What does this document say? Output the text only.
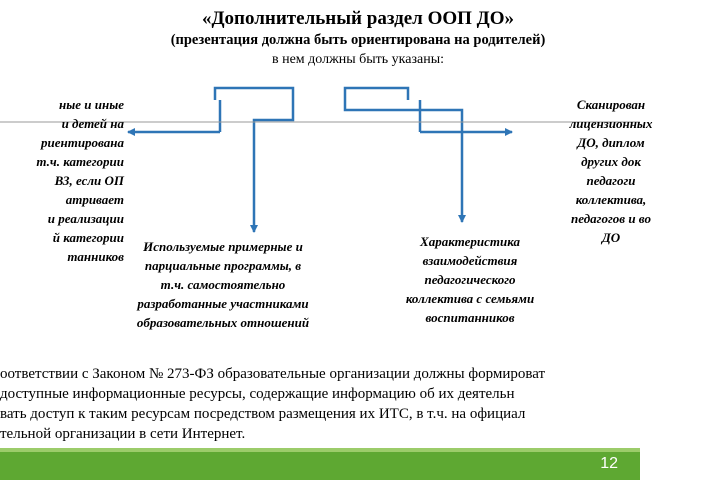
«Дополнительный раздел ООП ДО»
(презентация должна быть ориентирована на родителей)
в нем должны быть указаны:
ные и иные
и детей на
риентирована
т.ч. категории
ВЗ, если ОП
атривает
и реализации
й категории
танников
Сканирован
лицензионных
ДО, диплом
других док
педагоги
коллектива,
педагогов и во
ДО
Используемые примерные и
парциальные программы, в
т.ч. самостоятельно
разработанные участниками
образовательных отношений
Характеристика
взаимодействия
педагогического
коллектива с семьями
воспитанников
оответствии с Законом № 273-ФЗ образовательные организации должны формироват
доступные информационные ресурсы, содержащие информацию об их деятельн
вать доступ к таким ресурсам посредством размещения их ИТС, в т.ч. на официал
тельной организации в сети Интернет.
12
